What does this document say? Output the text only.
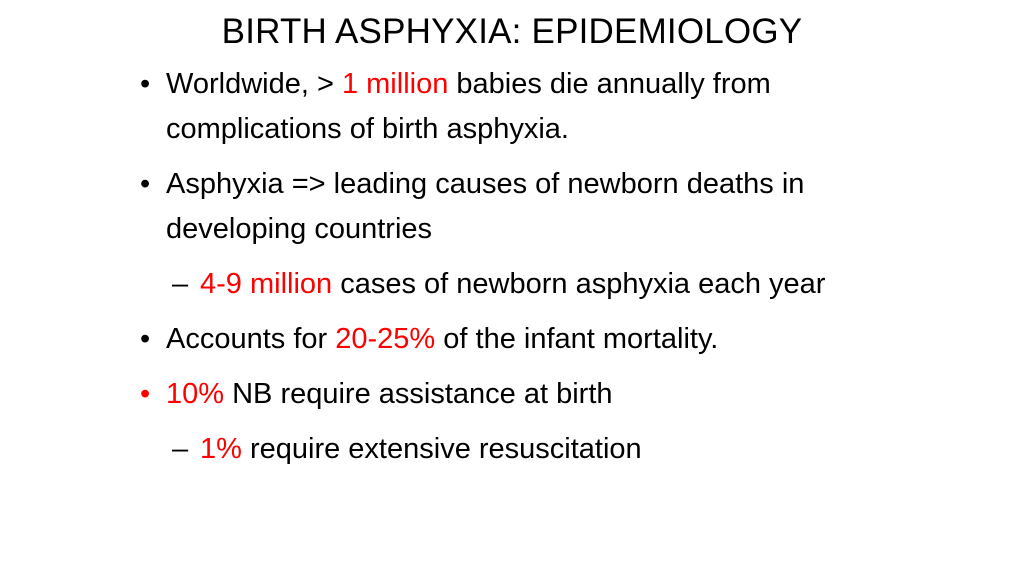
BIRTH ASPHYXIA: EPIDEMIOLOGY
• Worldwide, > 1 million babies die annually from complications of birth asphyxia.
• Asphyxia => leading causes of newborn deaths in developing countries
– 4-9 million cases of newborn asphyxia each year
• Accounts for 20-25% of the infant mortality.
• 10% NB require assistance at birth
– 1% require extensive resuscitation
